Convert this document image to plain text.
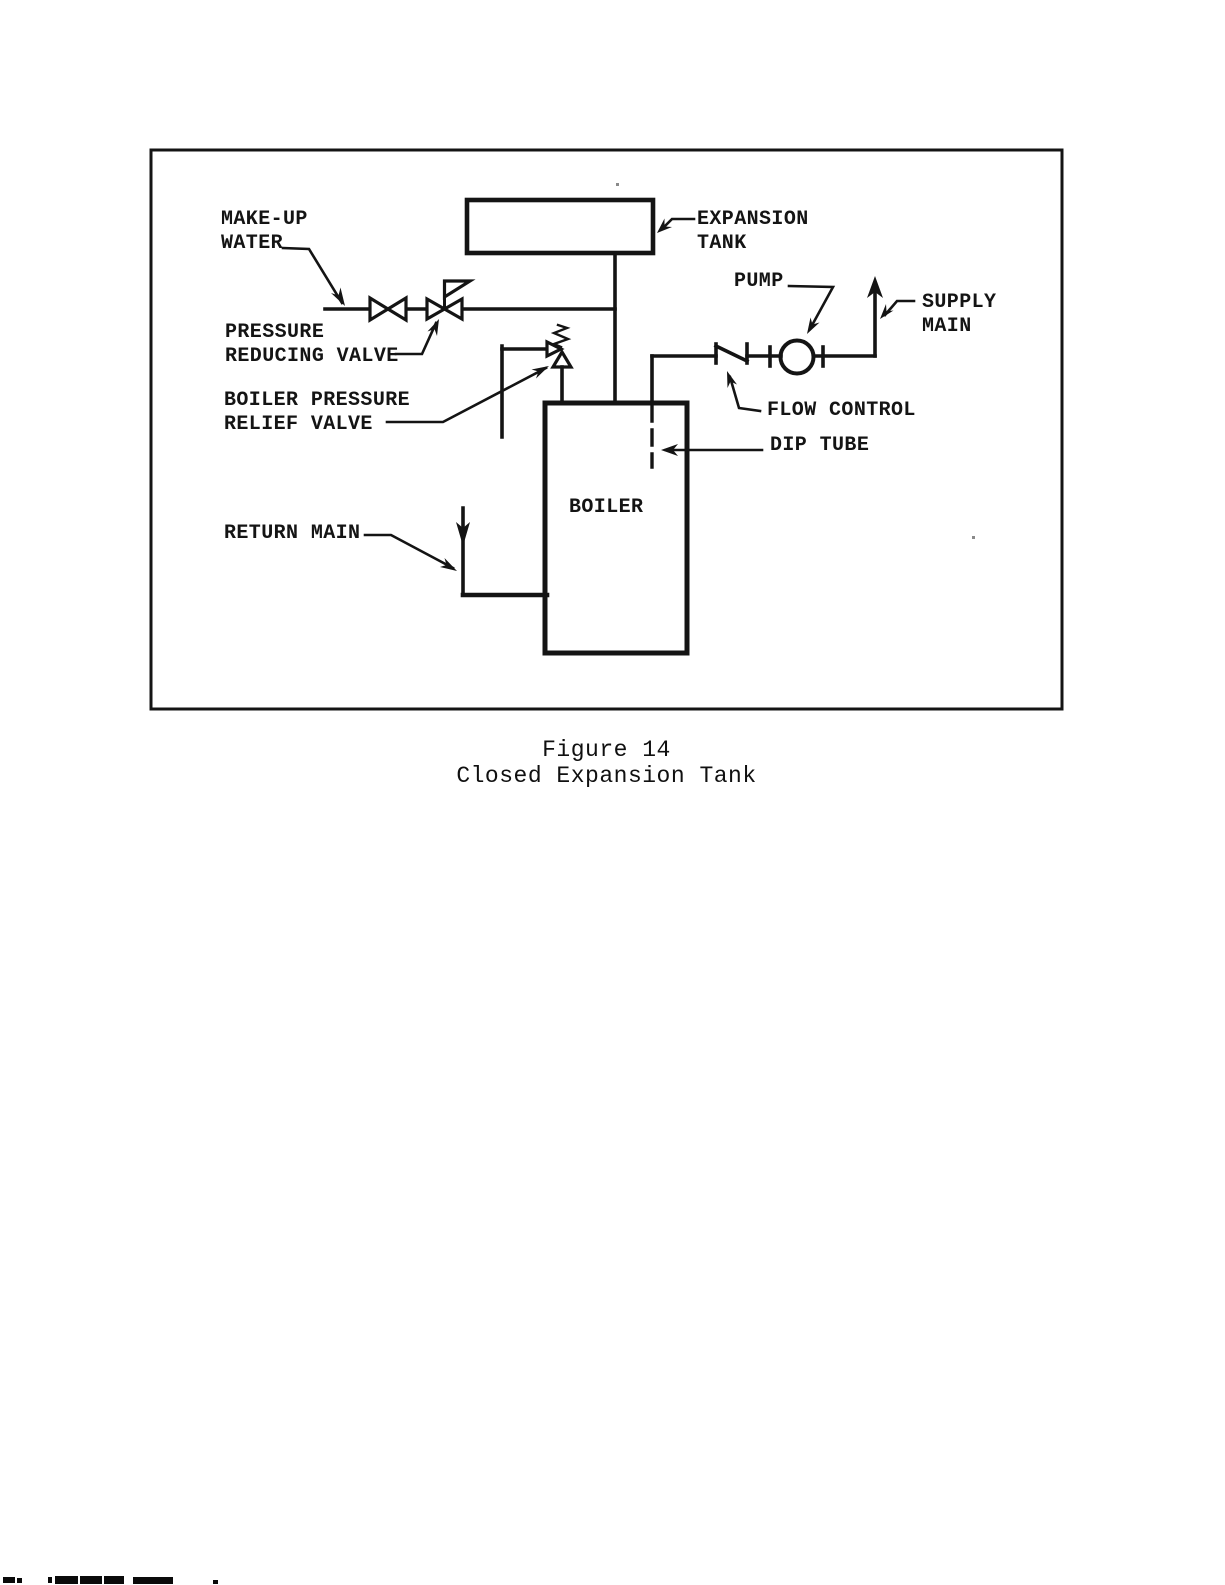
MAKE-UP
WATER
PRESSURE
REDUCING VALVE
BOILER PRESSURE
RELIEF VALVE
RETURN MAIN
BOILER
EXPANSION
TANK
PUMP
SUPPLY
MAIN
FLOW CONTROL
DIP TUBE
Figure 14
Closed Expansion Tank
